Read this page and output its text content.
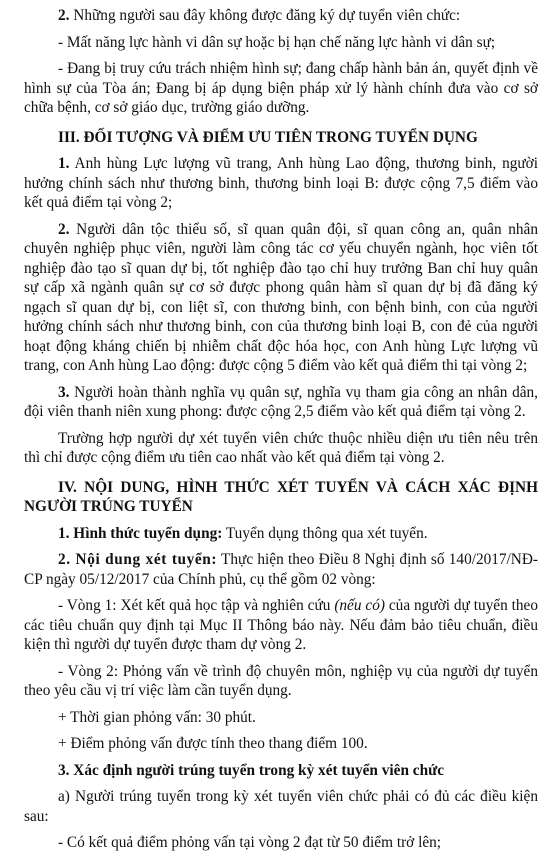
2. Những người sau đây không được đăng ký dự tuyển viên chức:

- Mất năng lực hành vi dân sự hoặc bị hạn chế năng lực hành vi dân sự;

- Đang bị truy cứu trách nhiệm hình sự; đang chấp hành bản án, quyết định về hình sự của Tòa án; Đang bị áp dụng biện pháp xử lý hành chính đưa vào cơ sở chữa bệnh, cơ sở giáo dục, trường giáo dưỡng.

III. ĐỐI TƯỢNG VÀ ĐIỂM ƯU TIÊN TRONG TUYỂN DỤNG

1. Anh hùng Lực lượng vũ trang, Anh hùng Lao động, thương binh, người hưởng chính sách như thương binh, thương binh loại B: được cộng 7,5 điểm vào kết quả điểm tại vòng 2;

2. Người dân tộc thiểu số, sĩ quan quân đội, sĩ quan công an, quân nhân chuyên nghiệp phục viên, người làm công tác cơ yếu chuyển ngành, học viên tốt nghiệp đào tạo sĩ quan dự bị, tốt nghiệp đào tạo chỉ huy trưởng Ban chỉ huy quân sự cấp xã ngành quân sự cơ sở được phong quân hàm sĩ quan dự bị đã đăng ký ngạch sĩ quan dự bị, con liệt sĩ, con thương binh, con bệnh binh, con của người hưởng chính sách như thương binh, con của thương binh loại B, con đẻ của người hoạt động kháng chiến bị nhiễm chất độc hóa học, con Anh hùng Lực lượng vũ trang, con Anh hùng Lao động: được cộng 5 điểm vào kết quả điểm thi tại vòng 2;

3. Người hoàn thành nghĩa vụ quân sự, nghĩa vụ tham gia công an nhân dân, đội viên thanh niên xung phong: được cộng 2,5 điểm vào kết quả điểm tại vòng 2.

Trường hợp người dự xét tuyển viên chức thuộc nhiều diện ưu tiên nêu trên thì chỉ được cộng điểm ưu tiên cao nhất vào kết quả điểm tại vòng 2.

IV. NỘI DUNG, HÌNH THỨC XÉT TUYỂN VÀ CÁCH XÁC ĐỊNH NGƯỜI TRÚNG TUYỂN

1. Hình thức tuyển dụng: Tuyển dụng thông qua xét tuyển.

2. Nội dung xét tuyển: Thực hiện theo Điều 8 Nghị định số 140/2017/NĐ-CP ngày 05/12/2017 của Chính phủ, cụ thể gồm 02 vòng:

- Vòng 1: Xét kết quả học tập và nghiên cứu (nếu có) của người dự tuyển theo các tiêu chuẩn quy định tại Mục II Thông báo này. Nếu đảm bảo tiêu chuẩn, điều kiện thì người dự tuyển được tham dự vòng 2.

- Vòng 2: Phỏng vấn về trình độ chuyên môn, nghiệp vụ của người dự tuyển theo yêu cầu vị trí việc làm cần tuyển dụng.

+ Thời gian phỏng vấn: 30 phút.

+ Điểm phỏng vấn được tính theo thang điểm 100.

3. Xác định người trúng tuyển trong kỳ xét tuyển viên chức

a) Người trúng tuyển trong kỳ xét tuyển viên chức phải có đủ các điều kiện sau:

- Có kết quả điểm phỏng vấn tại vòng 2 đạt từ 50 điểm trở lên;
